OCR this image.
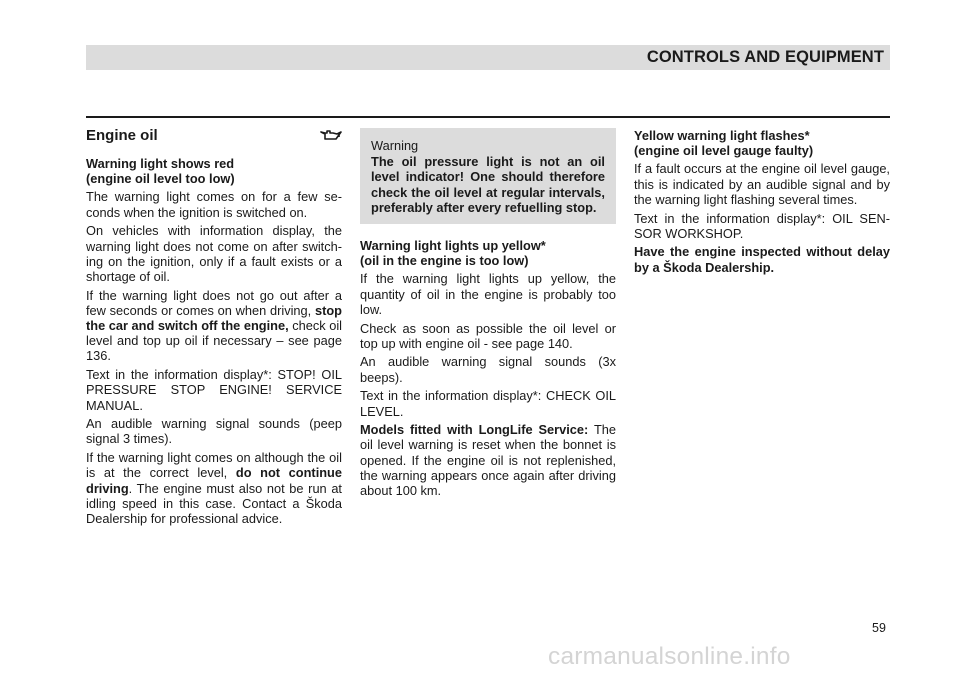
CONTROLS AND EQUIPMENT
Engine oil
Warning light shows red
(engine oil level too low)

The warning light comes on for a few seconds when the ignition is switched on.

On vehicles with information display, the warning light does not come on after switching on the ignition, only if a fault exists or a shortage of oil.

If the warning light does not go out after a few seconds or comes on when driving, stop the car and switch off the engine, check oil level and top up oil if necessary – see page 136.

Text in the information display*: STOP! OIL PRESSURE STOP ENGINE! SERVICE MANUAL.

An audible warning signal sounds (peep signal 3 times).

If the warning light comes on although the oil is at the correct level, do not continue driving. The engine must also not be run at idling speed in this case. Contact a Škoda Dealership for professional advice.

Warning
The oil pressure light is not an oil level indicator! One should therefore check the oil level at regular intervals, preferably after every refuelling stop.
Warning light lights up yellow*
(oil in the engine is too low)

If the warning light lights up yellow, the quantity of oil in the engine is probably too low.

Check as soon as possible the oil level or top up with engine oil - see page 140.

An audible warning signal sounds (3x beeps).

Text in the information display*: CHECK OIL LEVEL.

Models fitted with LongLife Service: The oil level warning is reset when the bonnet is opened. If the engine oil is not replenished, the warning appears once again after driving about 100 km.

Yellow warning light flashes*
(engine oil level gauge faulty)

If a fault occurs at the engine oil level gauge, this is indicated by an audible signal and by the warning light flashing several times.

Text in the information display*: OIL SENSOR WORKSHOP.

Have the engine inspected without delay by a Škoda Dealership.

59
carmanualsonline.info
